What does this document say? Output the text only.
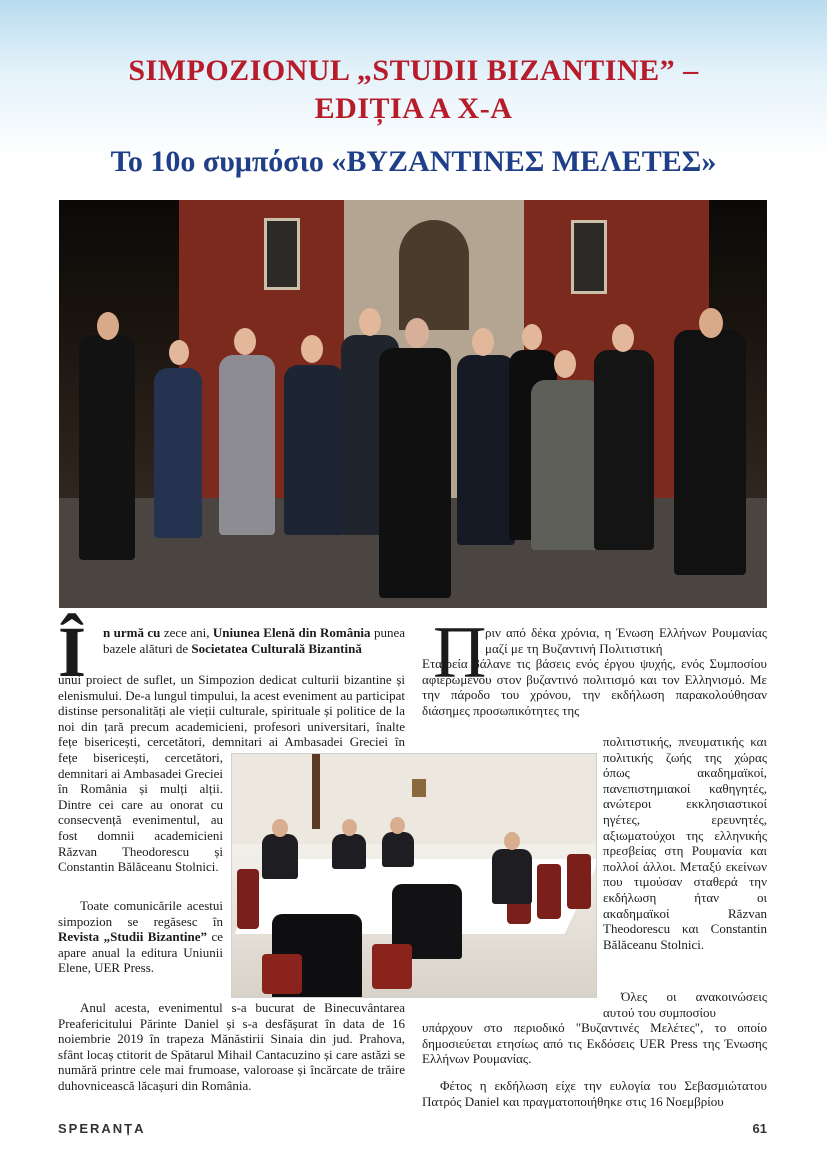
SIMPOZIONUL „STUDII BIZANTINE” –
EDIȚIA A X-A
Το 10ο συμπόσιο «ΒΥΖΑΝΤΙΝΕΣ ΜΕΛΕΤΕΣ»
Î	n urmă cu zece ani, Uniunea Elenă din România punea bazele alături de Societatea Culturală Bizantină
unui proiect de suflet, un Simpozion dedicat culturii bizantine și elenismului. De-a lungul timpului, la acest eveniment au participat distinse personalități ale vieții culturale, spirituale și politice de la noi din țară precum academicieni, profesori universitari, înalte fețe bisericești, cercetători, demnitari ai Ambasadei Greciei în
fețe bisericești, cercetători, demnitari ai Ambasadei Greciei în România și mulți alții. Dintre cei care au onorat cu consecvență evenimentul, au fost domnii academicieni Răzvan Theodorescu și Constantin Bălăceanu Stolnici.
Toate comunicările acestui simpozion se regăsesc în Revista „Studii Bizantine” ce apare anual la editura Uniunii Elene, UER Press.
Anul acesta, evenimentul s-a bucurat de Binecuvântarea Preafericitului Părinte Daniel și s-a desfășurat în data de 16 noiembrie 2019 în trapeza Mănăstirii Sinaia din jud. Prahova, sfânt locaș ctitorit de Spătarul Mihail Cantacuzino și care astăzi se numără printre cele mai frumoase, valoroase și încărcate de trăire duhovnicească lăcașuri din România.
Π
ριν από δέκα χρόνια, η Ένωση Ελλήνων Ρουμανίας μαζί με τη Βυζαντινή Πολιτιστική
Εταιρεία βάλανε τις βάσεις ενός έργου ψυχής, ενός Συμποσίου αφιερωμένου στον βυζαντινό πολιτισμό και τον Ελληνισμό. Με την πάροδο του χρόνου, την εκδήλωση παρακολούθησαν διάσημες προσωπικότητες της
πολιτιστικής, πνευματικής και πολιτικής ζωής της χώρας όπως ακαδημαϊκοί, πανεπιστημιακοί καθηγητές, ανώτεροι εκκλησιαστικοί ηγέτες, ερευνητές, αξιωματούχοι της ελληνικής πρεσβείας στη Ρουμανία και πολλοί άλλοι. Μεταξύ εκείνων που τιμούσαν σταθερά την εκδήλωση ήταν οι ακαδημαϊκοί Răzvan Theodorescu και Constantin Bălăceanu Stolnici.
Όλες οι ανακοινώσεις αυτού του συμποσίου
υπάρχουν στο περιοδικό "Βυζαντινές Μελέτες", το οποίο δημοσιεύεται ετησίως από τις Εκδόσεις UER Press της Ένωσης Ελλήνων Ρουμανίας.
Φέτος η εκδήλωση είχε την ευλογία του Σεβασμιώτατου Πατρός Daniel και πραγματοποιήθηκε στις 16 Νοεμβρίου
SPERANȚA	61
